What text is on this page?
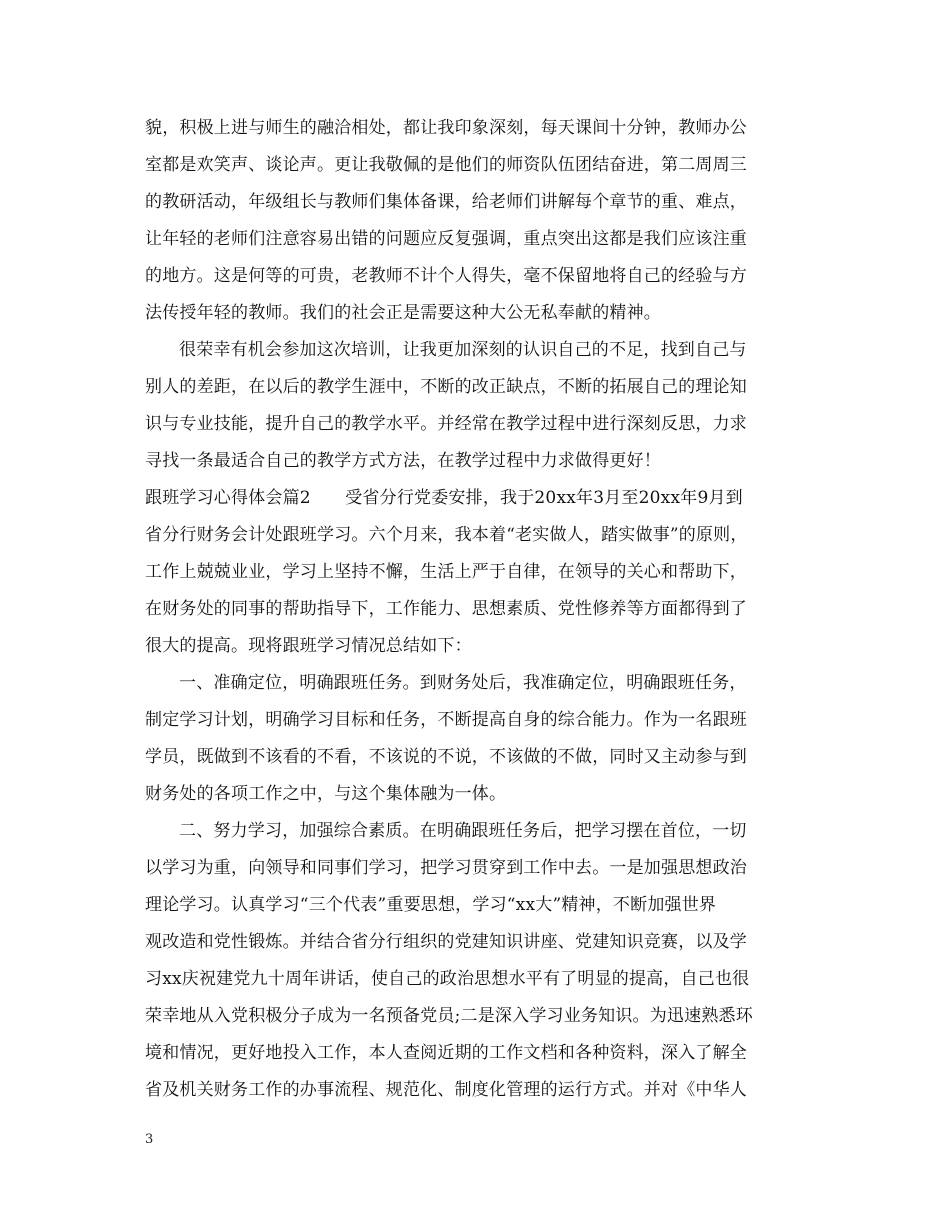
貌，积极上进与师生的融洽相处，都让我印象深刻，每天课间十分钟，教师办公
室都是欢笑声、谈论声。更让我敬佩的是他们的师资队伍团结奋进，第二周周三
的教研活动，年级组长与教师们集体备课，给老师们讲解每个章节的重、难点，
让年轻的老师们注意容易出错的问题应反复强调，重点突出这都是我们应该注重
的地方。这是何等的可贵，老教师不计个人得失，毫不保留地将自己的经验与方
法传授年轻的教师。我们的社会正是需要这种大公无私奉献的精神。
很荣幸有机会参加这次培训，让我更加深刻的认识自己的不足，找到自己与
别人的差距，在以后的教学生涯中，不断的改正缺点，不断的拓展自己的理论知
识与专业技能，提升自己的教学水平。并经常在教学过程中进行深刻反思，力求
寻找一条最适合自己的教学方式方法，在教学过程中力求做得更好！
跟班学习心得体会篇2　　受省分行党委安排，我于20xx年3月至20xx年9月到
省分行财务会计处跟班学习。六个月来，我本着“老实做人，踏实做事”的原则，
工作上兢兢业业，学习上坚持不懈，生活上严于自律，在领导的关心和帮助下，
在财务处的同事的帮助指导下，工作能力、思想素质、党性修养等方面都得到了
很大的提高。现将跟班学习情况总结如下：
一、准确定位，明确跟班任务。到财务处后，我准确定位，明确跟班任务，
制定学习计划，明确学习目标和任务，不断提高自身的综合能力。作为一名跟班
学员，既做到不该看的不看，不该说的不说，不该做的不做，同时又主动参与到
财务处的各项工作之中，与这个集体融为一体。
二、努力学习，加强综合素质。在明确跟班任务后，把学习摆在首位，一切
以学习为重，向领导和同事们学习，把学习贯穿到工作中去。一是加强思想政治
理论学习。认真学习“三个代表”重要思想，学习“xx大”精神，不断加强世界
观改造和党性锻炼。并结合省分行组织的党建知识讲座、党建知识竞赛，以及学
习xx庆祝建党九十周年讲话，使自己的政治思想水平有了明显的提高，自己也很
荣幸地从入党积极分子成为一名预备党员;二是深入学习业务知识。为迅速熟悉环
境和情况，更好地投入工作，本人查阅近期的工作文档和各种资料，深入了解全
省及机关财务工作的办事流程、规范化、制度化管理的运行方式。并对《中华人
3
